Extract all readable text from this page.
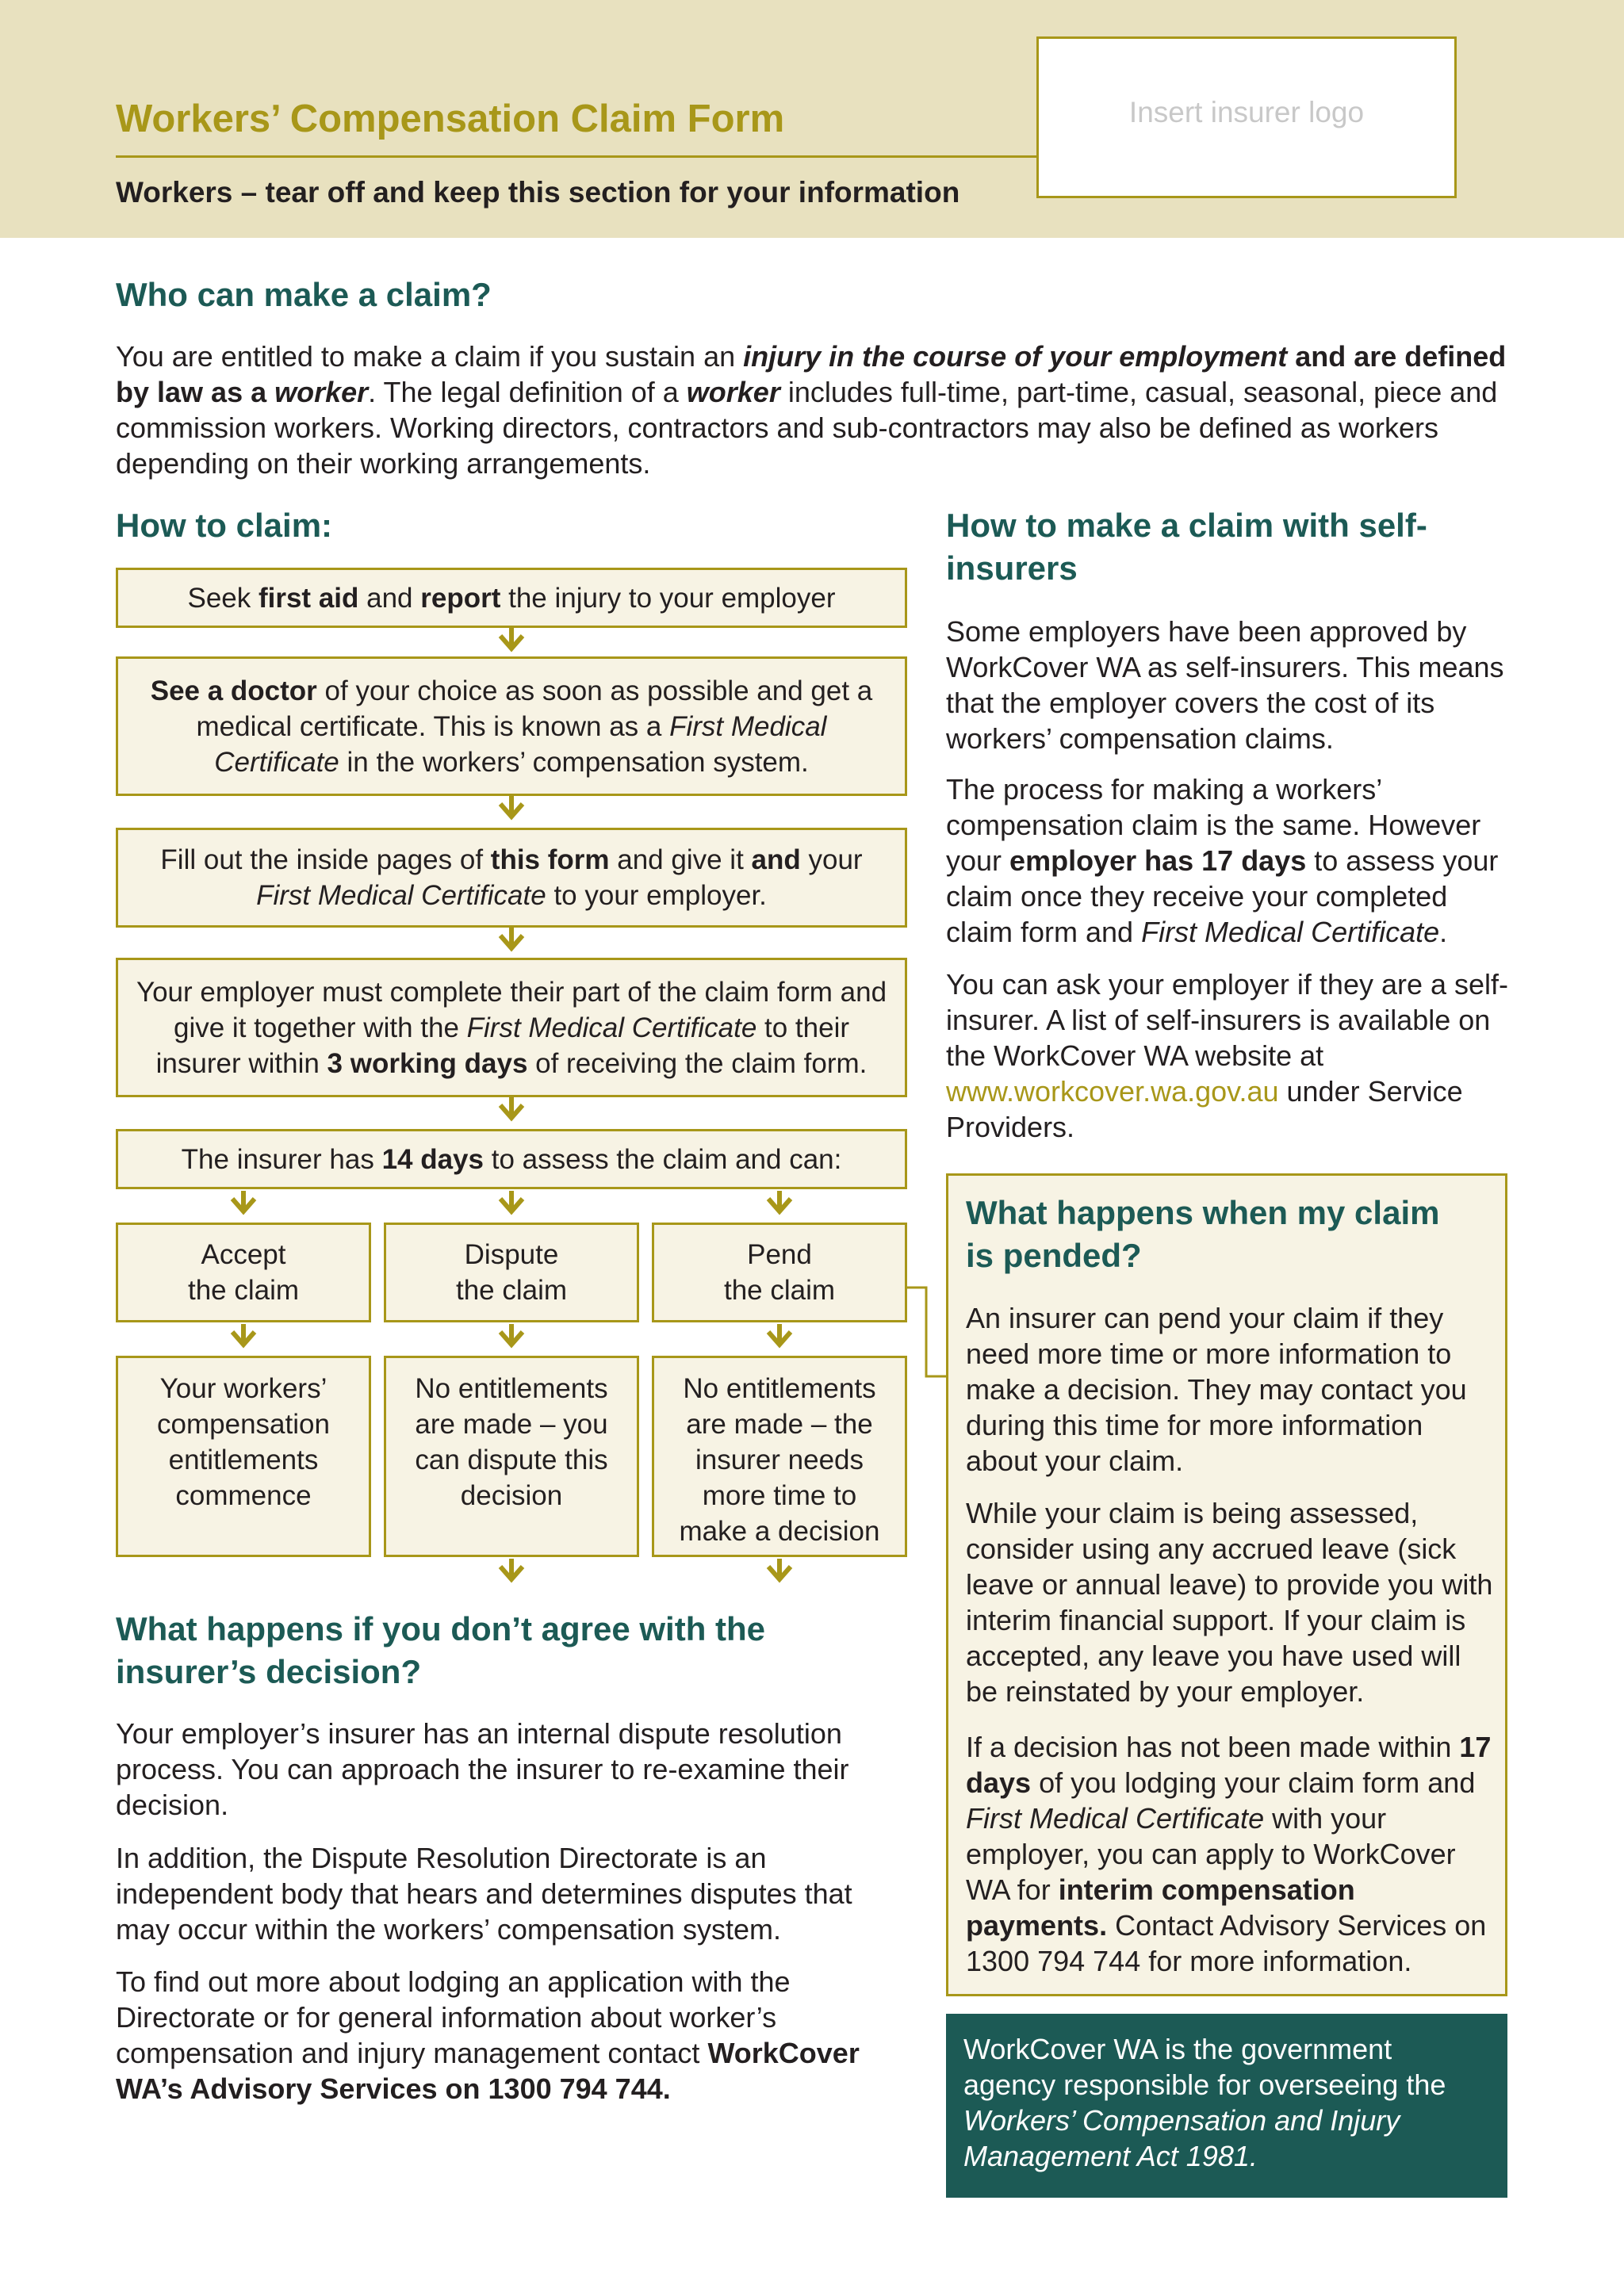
Workers’ Compensation Claim Form
Workers – tear off and keep this section for your information
Insert insurer logo
Who can make a claim?

You are entitled to make a claim if you sustain an injury in the course of your employment and are defined by law as a worker. The legal definition of a worker includes full-time, part-time, casual, seasonal, piece and commission workers. Working directors, contractors and sub-contractors may also be defined as workers depending on their working arrangements.

How to claim:
Seek first aid and report the injury to your employer
See a doctor of your choice as soon as possible and get a medical certificate. This is known as a First Medical Certificate in the workers’ compensation system.
Fill out the inside pages of this form and give it and your First Medical Certificate to your employer.
Your employer must complete their part of the claim form and give it together with the First Medical Certificate to their insurer within 3 working days of receiving the claim form.
The insurer has 14 days to assess the claim and can:
Accept
the claim
Dispute
the claim
Pend
the claim
Your workers’ compensation entitlements commence
No entitlements are made – you can dispute this decision
No entitlements are made – the insurer needs more time to make a decision
What happens if you don’t agree with the insurer’s decision?

Your employer’s insurer has an internal dispute resolution process. You can approach the insurer to re-examine their decision.

In addition, the Dispute Resolution Directorate is an independent body that hears and determines disputes that may occur within the workers’ compensation system.

To find out more about lodging an application with the Directorate or for general information about worker’s compensation and injury management contact WorkCover WA’s Advisory Services on 1300 794 744.

How to make a claim with self-insurers

Some employers have been approved by WorkCover WA as self-insurers. This means that the employer covers the cost of its workers’ compensation claims.

The process for making a workers’ compensation claim is the same. However your employer has 17 days to assess your claim once they receive your completed claim form and First Medical Certificate.

You can ask your employer if they are a self-insurer. A list of self-insurers is available on the WorkCover WA website at www.workcover.wa.gov.au under Service Providers.

What happens when my claim is pended?

An insurer can pend your claim if they need more time or more information to make a decision. They may contact you during this time for more information about your claim.

While your claim is being assessed, consider using any accrued leave (sick leave or annual leave) to provide you with interim financial support. If your claim is accepted, any leave you have used will be reinstated by your employer.

If a decision has not been made within 17 days of you lodging your claim form and First Medical Certificate with your employer, you can apply to WorkCover WA for interim compensation payments. Contact Advisory Services on 1300 794 744 for more information.

WorkCover WA is the government agency responsible for overseeing the Workers’ Compensation and Injury Management Act 1981.
